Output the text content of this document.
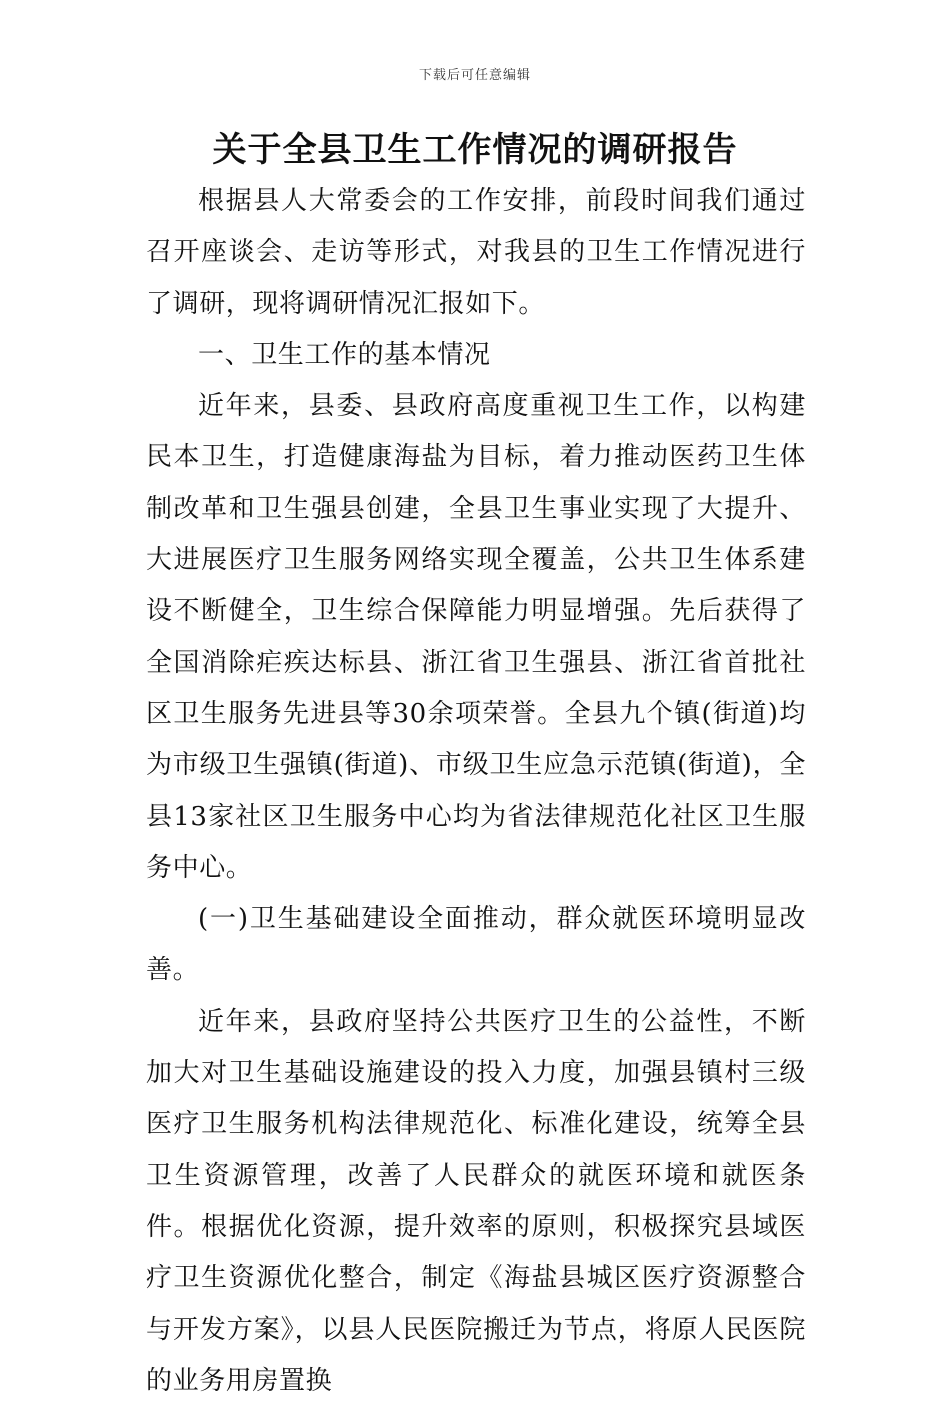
下载后可任意编辑
关于全县卫生工作情况的调研报告

根据县人大常委会的工作安排，前段时间我们通过召开座谈会、走访等形式，对我县的卫生工作情况进行了调研，现将调研情况汇报如下。

一、卫生工作的基本情况

近年来，县委、县政府高度重视卫生工作，以构建民本卫生，打造健康海盐为目标，着力推动医药卫生体制改革和卫生强县创建，全县卫生事业实现了大提升、大进展医疗卫生服务网络实现全覆盖，公共卫生体系建设不断健全，卫生综合保障能力明显增强。先后获得了全国消除疟疾达标县、浙江省卫生强县、浙江省首批社区卫生服务先进县等30余项荣誉。全县九个镇(街道)均为市级卫生强镇(街道)、市级卫生应急示范镇(街道)，全县13家社区卫生服务中心均为省法律规范化社区卫生服务中心。

(一)卫生基础建设全面推动，群众就医环境明显改善。

近年来，县政府坚持公共医疗卫生的公益性，不断加大对卫生基础设施建设的投入力度，加强县镇村三级医疗卫生服务机构法律规范化、标准化建设，统筹全县卫生资源管理，改善了人民群众的就医环境和就医条件。根据优化资源，提升效率的原则，积极探究县域医疗卫生资源优化整合，制定《海盐县城区医疗资源整合与开发方案》，以县人民医院搬迁为节点，将原人民医院的业务用房置换
